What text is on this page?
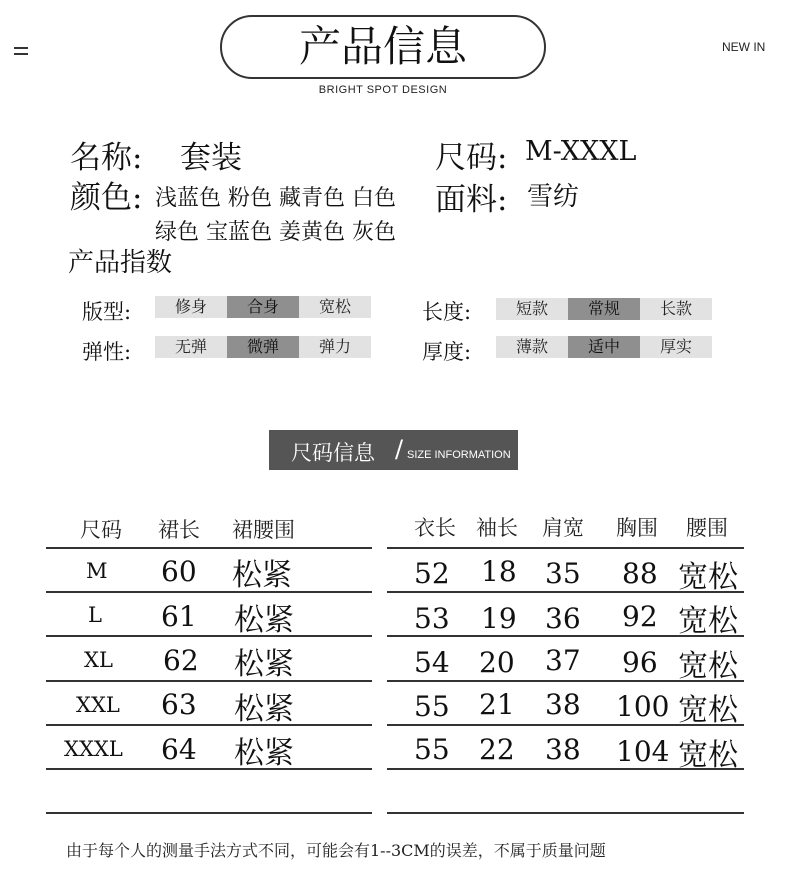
产品信息
BRIGHT SPOT DESIGN
NEW IN
名称: 套装	尺码: M-XXXL
颜色: 浅蓝色 粉色 藏青色 白色
绿色 宝蓝色 姜黄色 灰色
面料: 雪纺
产品指数
版型:	修身	合身	宽松
弹性:	无弹	微弹	弹力
长度:	短款	常规	长款
厚度:	薄款	适中	厚实
尺码信息 / SIZE INFORMATION
尺码 裙长 裙腰围
M 60 松紧
L 61 松紧
XL 62 松紧
XXL 63 松紧
XXXL 64 松紧
衣长 袖长 肩宽 胸围 腰围
52 18 35 88 宽松
53 19 36 92 宽松
54 20 37 96 宽松
55 21 38 100 宽松
55 22 38 104 宽松
由于每个人的测量手法方式不同，可能会有1--3CM的误差，不属于质量问题
